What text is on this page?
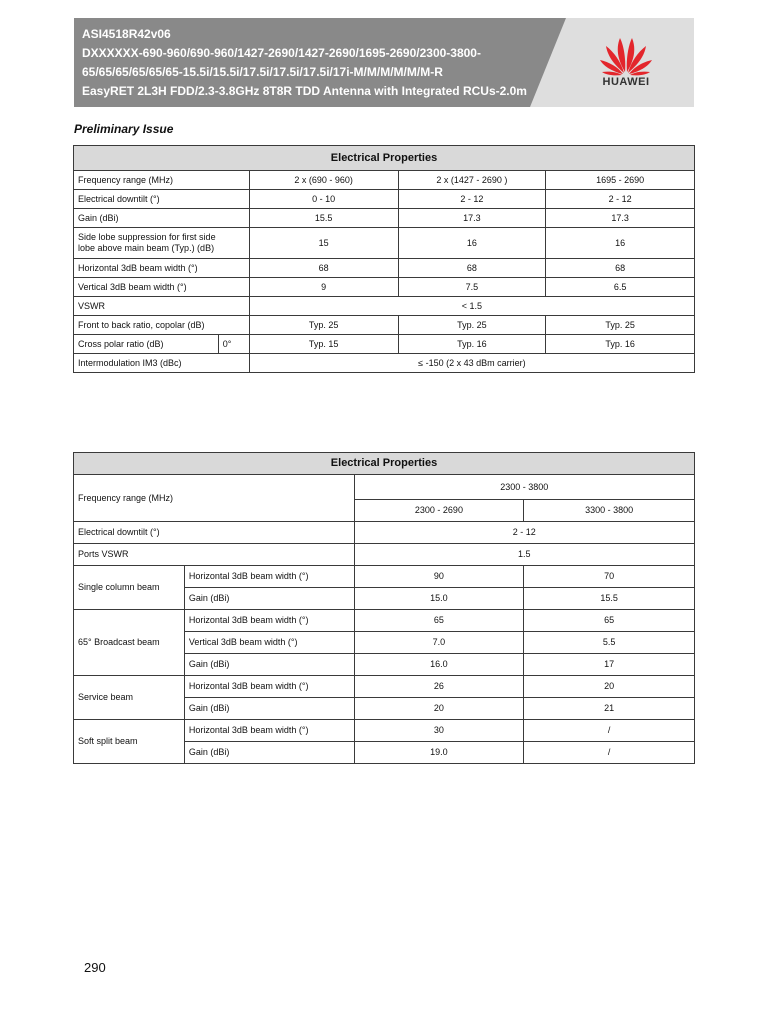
ASI4518R42v06
DXXXXXX-690-960/690-960/1427-2690/1427-2690/1695-2690/2300-3800-
65/65/65/65/65/65-15.5i/15.5i/17.5i/17.5i/17.5i/17i-M/M/M/M/M/M-R
EasyRET 2L3H FDD/2.3-3.8GHz 8T8R TDD Antenna with Integrated RCUs-2.0m
HUAWEI
Preliminary Issue
Electrical Properties				
Frequency range (MHz)		2 x (690 - 960)	2 x (1427 - 2690 )	1695 - 2690
Electrical downtilt (°)		0 - 10	2 - 12	2 - 12
Gain (dBi)		15.5	17.3	17.3
Side lobe suppression for first side
lobe above main beam (Typ.) (dB)		15	16	16
Horizontal 3dB beam width (°)		68	68	68
Vertical 3dB beam width (°)		9	7.5	6.5
VSWR		< 1.5		
Front to back ratio, copolar (dB)		Typ. 25	Typ. 25	Typ. 25
Cross polar ratio (dB)	0°	Typ. 15	Typ. 16	Typ. 16
Intermodulation IM3 (dBc)		≤ -150 (2 x 43 dBm carrier)		
Electrical Properties			
Frequency range (MHz)		2300 - 3800	
		2300 - 2690	3300 - 3800
Electrical downtilt (°)		2 - 12	
Ports VSWR		1.5	
Single column beam	Horizontal 3dB beam width (°)	90	70
	Gain (dBi)	15.0	15.5
65° Broadcast beam	Horizontal 3dB beam width (°)	65	65
	Vertical 3dB beam width (°)	7.0	5.5
	Gain (dBi)	16.0	17
Service beam	Horizontal 3dB beam width (°)	26	20
	Gain (dBi)	20	21
Soft split beam	Horizontal 3dB beam width (°)	30	/
	Gain (dBi)	19.0	/
290
